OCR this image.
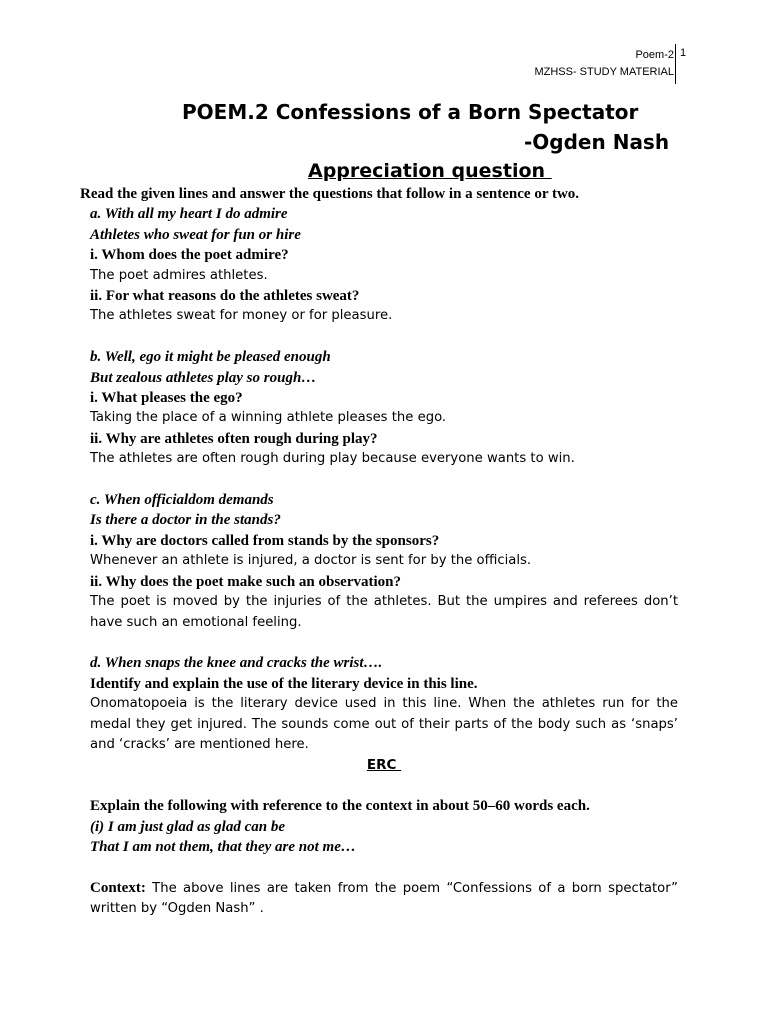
Poem-2
MZHSS- STUDY MATERIAL
1
POEM.2 Confessions of a Born Spectator
-Ogden Nash
Appreciation question

Read the given lines and answer the questions that follow in a sentence or two.

a. With all my heart I do admire

Athletes who sweat for fun or hire

i. Whom does the poet admire?

The poet admires athletes.

ii. For what reasons do the athletes sweat?

The athletes sweat for money or for pleasure.

b. Well, ego it might be pleased enough

But zealous athletes play so rough…

i. What pleases the ego?

Taking the place of a winning athlete pleases the ego.

ii. Why are athletes often rough during play?

The athletes are often rough during play because everyone wants to win.

c. When officialdom demands

Is there a doctor in the stands?

i. Why are doctors called from stands by the sponsors?

Whenever an athlete is injured, a doctor is sent for by the officials.

ii. Why does the poet make such an observation?

The poet is moved by the injuries of the athletes. But the umpires and referees don’t have such an emotional feeling.

d. When snaps the knee and cracks the wrist….

Identify and explain the use of the literary device in this line.

Onomatopoeia is the literary device used in this line. When the athletes run for the medal they get injured. The sounds come out of their parts of the body such as ‘snaps’ and ‘cracks’ are mentioned here.

ERC

Explain the following with reference to the context in about 50–60 words each.

(i) I am just glad as glad can be

That I am not them, that they are not me…

Context: The above lines are taken from the poem “Confessions of a born spectator” written by “Ogden Nash” .
